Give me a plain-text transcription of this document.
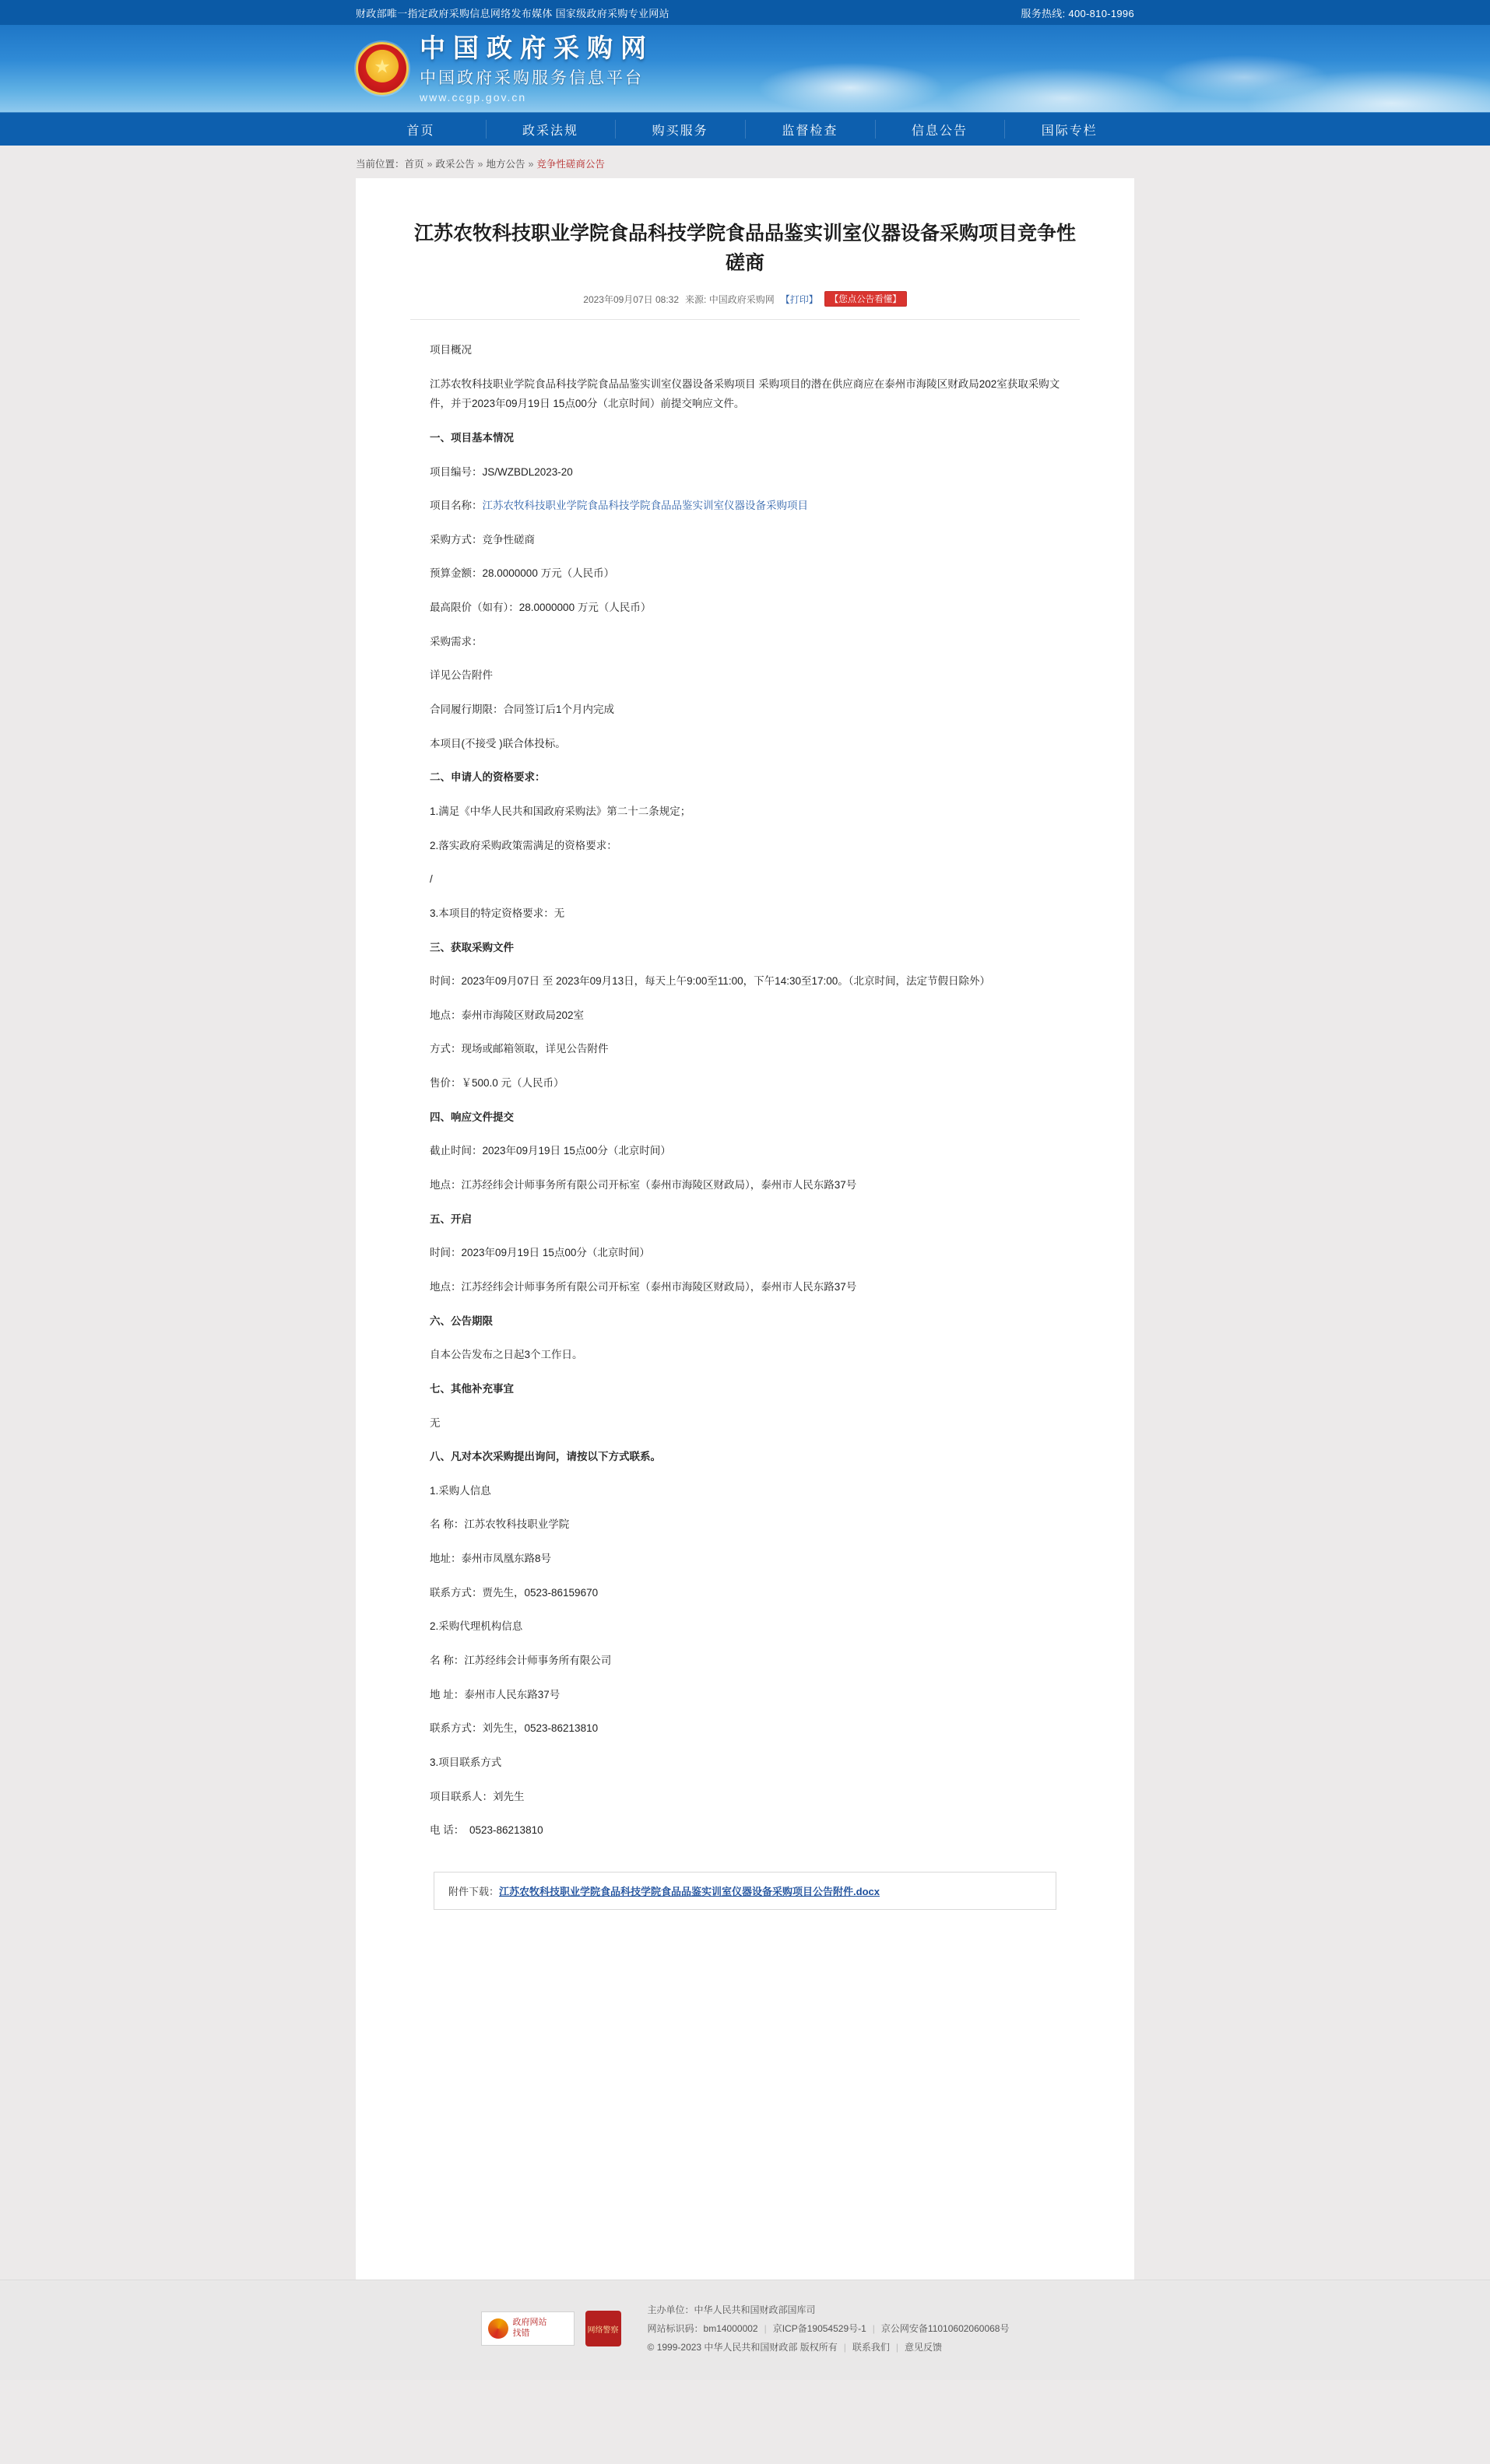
财政部唯一指定政府采购信息网络发布媒体 国家级政府采购专业网站	服务热线: 400-810-1996
★
中国政府采购网
中国政府采购服务信息平台
www.ccgp.gov.cn
首页	政采法规	购买服务	监督检查	信息公告	国际专栏
当前位置：首页 » 政采公告 » 地方公告 » 竞争性磋商公告
江苏农牧科技职业学院食品科技学院食品品鉴实训室仪器设备采购项目竞争性磋商
2023年09月07日 08:32 来源: 中国政府采购网 【打印】	【您点公告看懂】

项目概况

江苏农牧科技职业学院食品科技学院食品品鉴实训室仪器设备采购项目 采购项目的潜在供应商应在泰州市海陵区财政局202室获取采购文件，并于2023年09月19日 15点00分（北京时间）前提交响应文件。

一、项目基本情况

项目编号：JS/WZBDL2023-20

项目名称：江苏农牧科技职业学院食品科技学院食品品鉴实训室仪器设备采购项目

采购方式：竞争性磋商

预算金额：28.0000000 万元（人民币）

最高限价（如有）：28.0000000 万元（人民币）

采购需求：

详见公告附件

合同履行期限：合同签订后1个月内完成

本项目(不接受 )联合体投标。

二、申请人的资格要求：

1.满足《中华人民共和国政府采购法》第二十二条规定；

2.落实政府采购政策需满足的资格要求：

/

3.本项目的特定资格要求：无

三、获取采购文件

时间：2023年09月07日 至 2023年09月13日，每天上午9:00至11:00，下午14:30至17:00。（北京时间，法定节假日除外）

地点：泰州市海陵区财政局202室

方式：现场或邮箱领取，详见公告附件

售价：￥500.0 元（人民币）

四、响应文件提交

截止时间：2023年09月19日 15点00分（北京时间）

地点：江苏经纬会计师事务所有限公司开标室（泰州市海陵区财政局），泰州市人民东路37号

五、开启

时间：2023年09月19日 15点00分（北京时间）

地点：江苏经纬会计师事务所有限公司开标室（泰州市海陵区财政局），泰州市人民东路37号

六、公告期限

自本公告发布之日起3个工作日。

七、其他补充事宜

无

八、凡对本次采购提出询问，请按以下方式联系。

1.采购人信息

名 称：江苏农牧科技职业学院

地址：泰州市凤凰东路8号

联系方式：贾先生，0523-86159670

2.采购代理机构信息

名 称：江苏经纬会计师事务所有限公司

地 址：泰州市人民东路37号

联系方式：刘先生，0523-86213810

3.项目联系方式

项目联系人：刘先生

电 话：　0523-86213810

附件下载：江苏农牧科技职业学院食品科技学院食品品鉴实训室仪器设备采购项目公告附件.docx
政府网站
找错	网络警察
主办单位：中华人民共和国财政部国库司
网站标识码：bm14000002 | 京ICP备19054529号-1 | 京公网安备11010602060068号
© 1999-2023 中华人民共和国财政部 版权所有 | 联系我们 | 意见反馈
